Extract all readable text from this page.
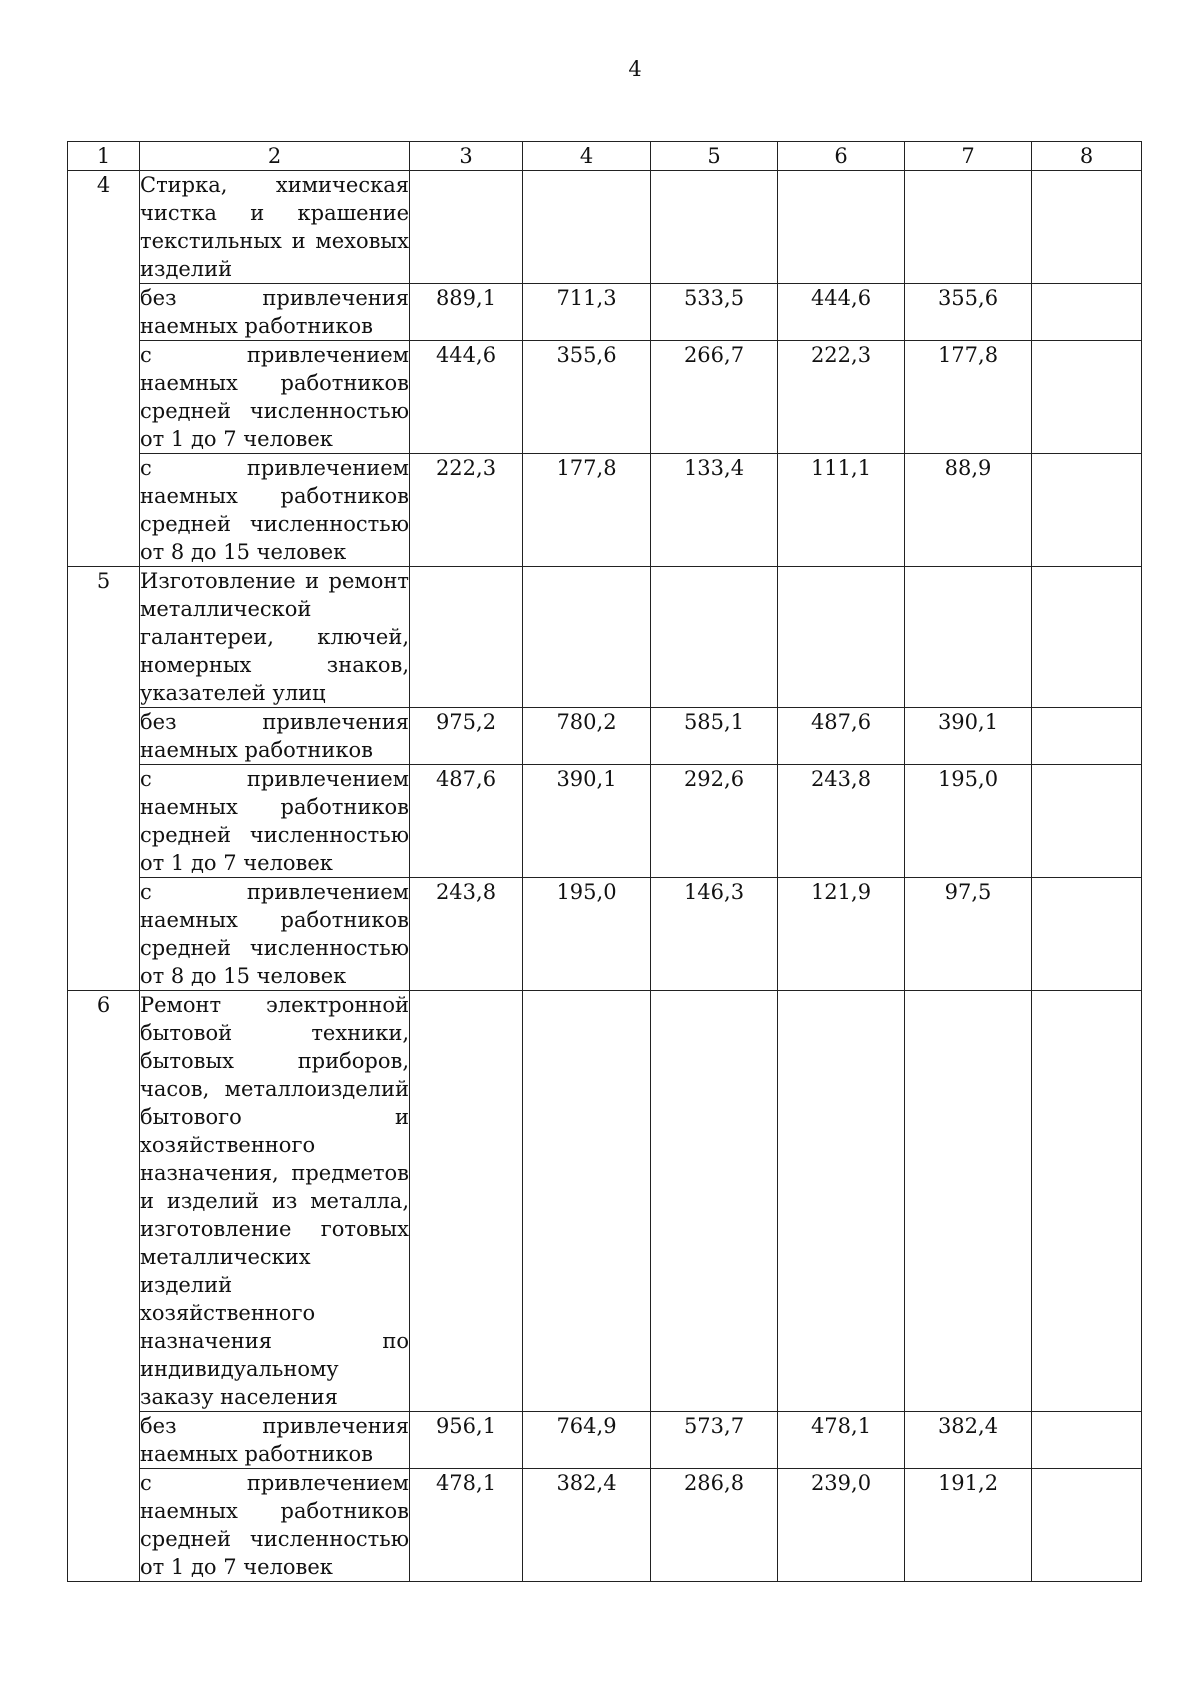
4
1	2	3	4	5	6	7	8
4	Стирка, химическая чистка и крашение текстильных и меховых изделий						
	без привлечения наемных работников	889,1	711,3	533,5	444,6	355,6	
	с привлечением наемных работников средней численностью от 1 до 7 человек	444,6	355,6	266,7	222,3	177,8	
	с привлечением наемных работников средней численностью от 8 до 15 человек	222,3	177,8	133,4	111,1	88,9	
5	Изготовление и ремонт металлической галантереи, ключей, номерных знаков, указателей улиц						
	без привлечения наемных работников	975,2	780,2	585,1	487,6	390,1	
	с привлечением наемных работников средней численностью от 1 до 7 человек	487,6	390,1	292,6	243,8	195,0	
	с привлечением наемных работников средней численностью от 8 до 15 человек	243,8	195,0	146,3	121,9	97,5	
6	Ремонт электронной бытовой техники, бытовых приборов, часов, металлоизделий бытового и хозяйственного назначения, предметов и изделий из металла, изготовление готовых металлических изделий хозяйственного назначения по индивидуальному заказу населения						
	без привлечения наемных работников	956,1	764,9	573,7	478,1	382,4	
	с привлечением наемных работников средней численностью от 1 до 7 человек	478,1	382,4	286,8	239,0	191,2	
